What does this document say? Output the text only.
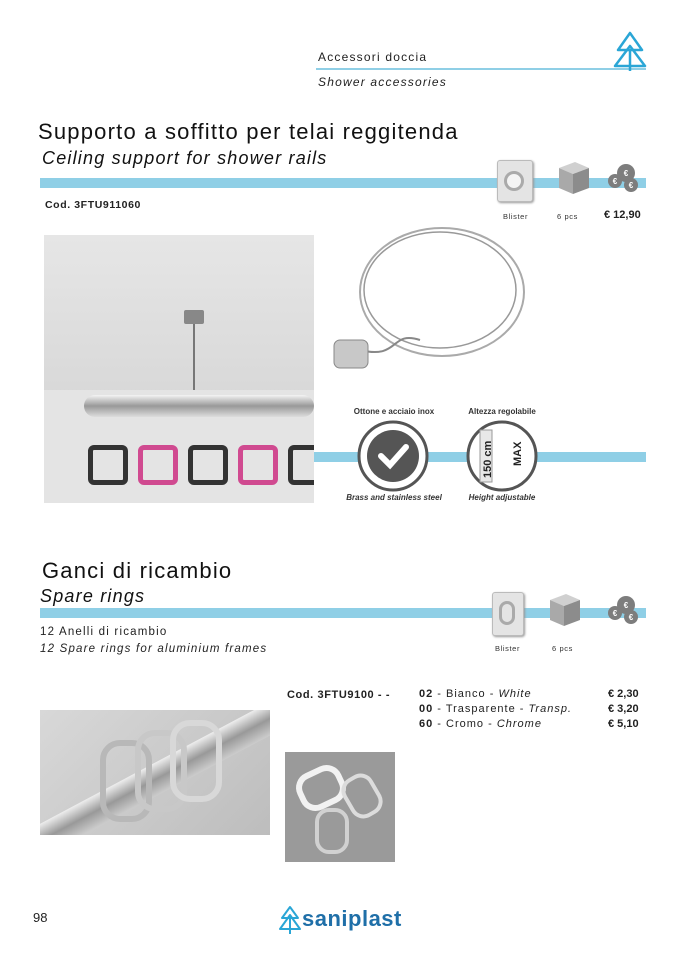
Accessori doccia
Shower accessories
Supporto a soffitto per telai reggitenda
Ceiling support for shower rails
€
€
€
Blister	6 pcs € 12,90
Cod. 3FTU911060
Ottone e acciaio inox	Altezza regolabile
150 cm MAX
Brass and stainless steel	Height adjustable
Ganci di ricambio
Spare rings
€
€
€
Blister	6 pcs
12 Anelli di ricambio
12 Spare rings for aluminium frames
Cod. 3FTU9100 - -	02 - Bianco - White	€ 2,30
00 - Trasparente - Transp.	€ 3,20
60 - Cromo - Chrome	€ 5,10
98	saniplast
